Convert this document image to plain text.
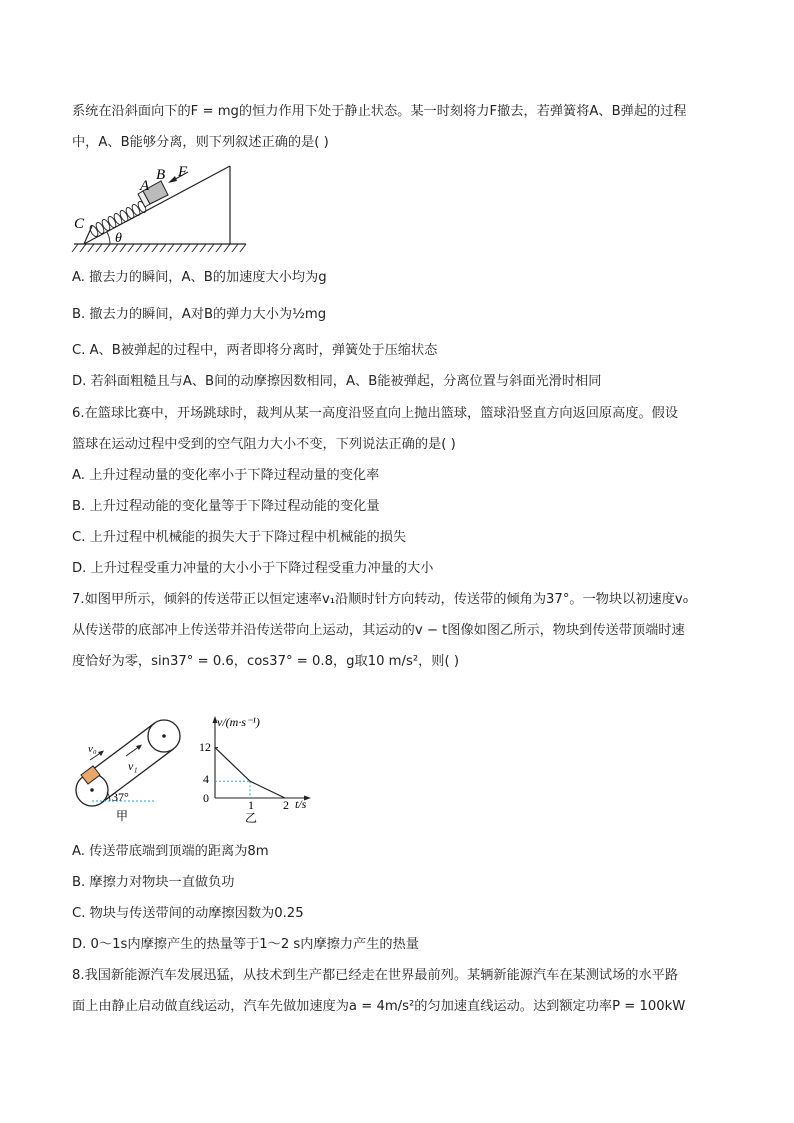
系统在沿斜面向下的F = mg的恒力作用下处于静止状态。某一时刻将力F撤去，若弹簧将A、B弹起的过程
中，A、B能够分离，则下列叙述正确的是( )
C
A
B F
θ
A. 撤去力的瞬间，A、B的加速度大小均为g
B. 撤去力的瞬间，A对B的弹力大小为½mg
C. A、B被弹起的过程中，两者即将分离时，弹簧处于压缩状态
D. 若斜面粗糙且与A、B间的动摩擦因数相同，A、B能被弹起，分离位置与斜面光滑时相同
6.在篮球比赛中，开场跳球时，裁判从某一高度沿竖直向上抛出篮球，篮球沿竖直方向返回原高度。假设
篮球在运动过程中受到的空气阻力大小不变，下列说法正确的是( )
A. 上升过程动量的变化率小于下降过程动量的变化率
B. 上升过程动能的变化量等于下降过程动能的变化量
C. 上升过程中机械能的损失大于下降过程中机械能的损失
D. 上升过程受重力冲量的大小小于下降过程受重力冲量的大小
7.如图甲所示，倾斜的传送带正以恒定速率v₁沿顺时针方向转动，传送带的倾角为37°。一物块以初速度v₀
从传送带的底部冲上传送带并沿传送带向上运动，其运动的v − t图像如图乙所示，物块到传送带顶端时速
度恰好为零，sin37° = 0.6，cos37° = 0.8，g取10 m/s²，则( )
v₀
v₁
37°
甲
v/(m·s⁻¹)
t/s
12
4
0	1 2
乙
A. 传送带底端到顶端的距离为8m
B. 摩擦力对物块一直做负功
C. 物块与传送带间的动摩擦因数为0.25
D. 0～1s内摩擦产生的热量等于1～2 s内摩擦力产生的热量
8.我国新能源汽车发展迅猛，从技术到生产都已经走在世界最前列。某辆新能源汽车在某测试场的水平路
面上由静止启动做直线运动，汽车先做加速度为a = 4m/s²的匀加速直线运动。达到额定功率P = 100kW
